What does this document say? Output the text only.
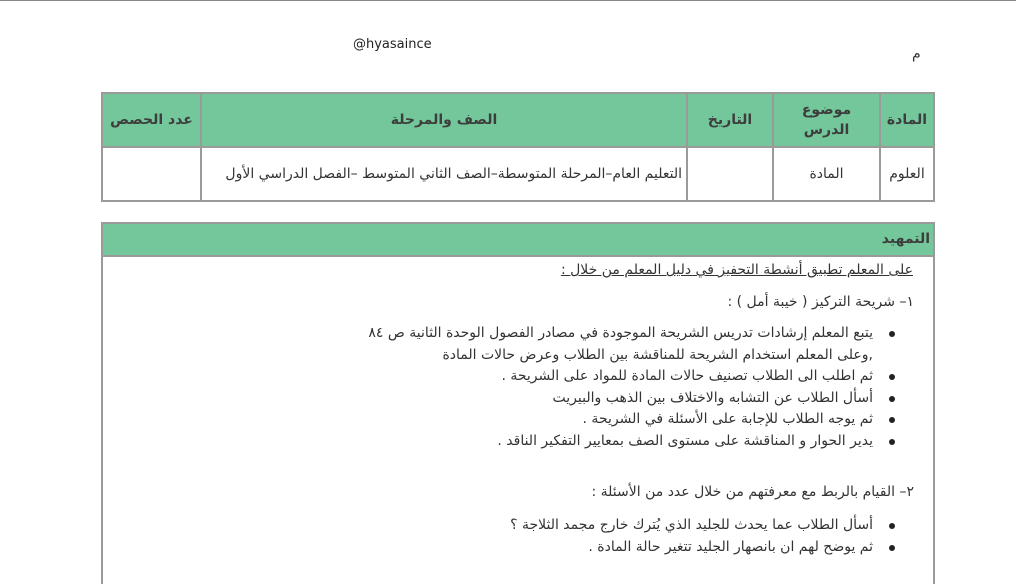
@hyasaince
م
المادة	موضوع الدرس	التاريخ	الصف والمرحلة	عدد الحصص
العلوم	المادة		التعليم العام–المرحلة المتوسطة–الصف الثاني المتوسط –الفصل الدراسي الأول	
التمهيد
على المعلم تطبيق أنشطة التحفيز في دليل المعلم من خلال :
١– شريحة التركيز ( خيبة أمل ) :
يتبع المعلم إرشادات تدريس الشريحة الموجودة في مصادر الفصول الوحدة الثانية ص ٨٤ ,وعلى المعلم استخدام الشريحة للمناقشة بين الطلاب وعرض حالات المادة
ثم اطلب الى الطلاب تصنيف حالات المادة للمواد على الشريحة .
أسأل الطلاب عن التشابه والاختلاف بين الذهب والبيريت
ثم يوجه الطلاب للإجابة على الأسئلة في الشريحة .
يدير الحوار و المناقشة على مستوى الصف بمعايير التفكير الناقد .
٢– القيام بالربط مع معرفتهم من خلال عدد من الأسئلة :
أسأل الطلاب عما يحدث للجليد الذي يُترك خارج مجمد الثلاجة ؟
ثم يوضح لهم ان بانصهار الجليد تتغير حالة المادة .
